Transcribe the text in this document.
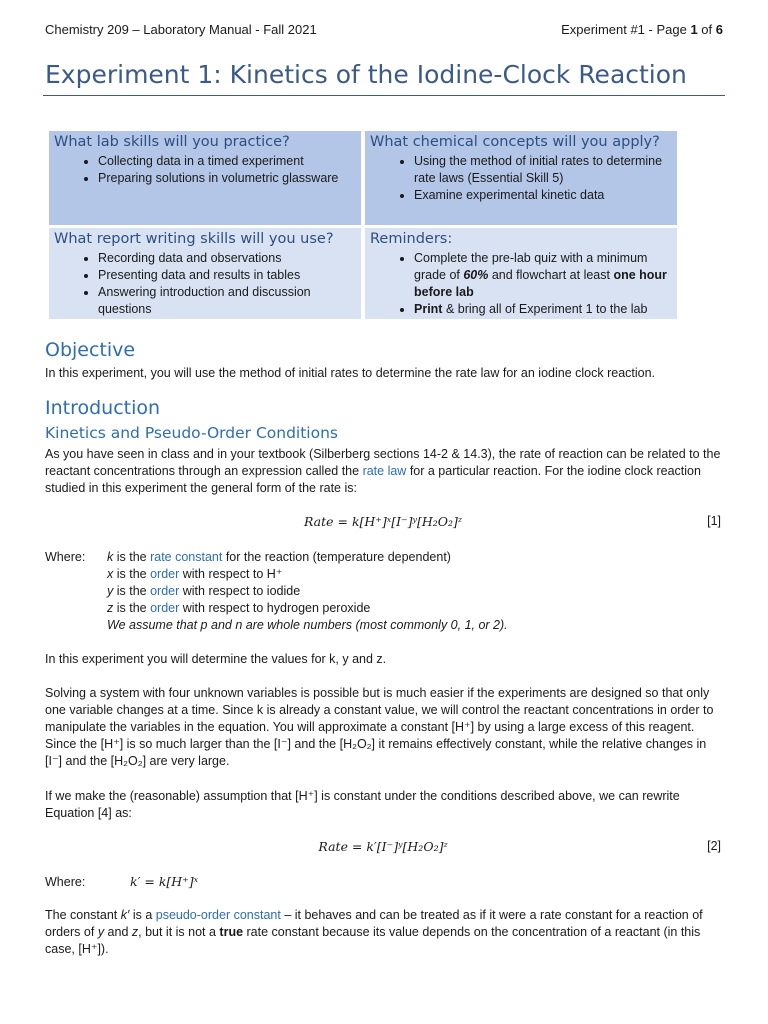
Chemistry 209 – Laboratory Manual - Fall 2021	Experiment #1 - Page 1 of 6
Experiment 1: Kinetics of the Iodine-Clock Reaction
What lab skills will you practice?
• Collecting data in a timed experiment
• Preparing solutions in volumetric glassware
What chemical concepts will you apply?
• Using the method of initial rates to determine rate laws (Essential Skill 5)
• Examine experimental kinetic data
What report writing skills will you use?
• Recording data and observations
• Presenting data and results in tables
• Answering introduction and discussion questions
Reminders:
• Complete the pre-lab quiz with a minimum grade of 60% and flowchart at least one hour before lab
• Print & bring all of Experiment 1 to the lab
Objective
In this experiment, you will use the method of initial rates to determine the rate law for an iodine clock reaction.
Introduction
Kinetics and Pseudo-Order Conditions
As you have seen in class and in your textbook (Silberberg sections 14-2 & 14.3), the rate of reaction can be related to the reactant concentrations through an expression called the rate law for a particular reaction. For the iodine clock reaction studied in this experiment the general form of the rate is:
Rate = k[H⁺]ˣ[I⁻]ʸ[H₂O₂]ᶻ	[1]
Where: k is the rate constant for the reaction (temperature dependent)
x is the order with respect to H⁺
y is the order with respect to iodide
z is the order with respect to hydrogen peroxide
We assume that p and n are whole numbers (most commonly 0, 1, or 2).
In this experiment you will determine the values for k, y and z.
Solving a system with four unknown variables is possible but is much easier if the experiments are designed so that only one variable changes at a time. Since k is already a constant value, we will control the reactant concentrations in order to manipulate the variables in the equation. You will approximate a constant [H⁺] by using a large excess of this reagent. Since the [H⁺] is so much larger than the [I⁻] and the [H₂O₂] it remains effectively constant, while the relative changes in [I⁻] and the [H₂O₂] are very large.
If we make the (reasonable) assumption that [H⁺] is constant under the conditions described above, we can rewrite Equation [4] as:
Rate = k′[I⁻]ʸ[H₂O₂]ᶻ	[2]
Where:	k′ = k[H⁺]ˣ
The constant k′ is a pseudo-order constant – it behaves and can be treated as if it were a rate constant for a reaction of orders of y and z, but it is not a true rate constant because its value depends on the concentration of a reactant (in this case, [H⁺]).
